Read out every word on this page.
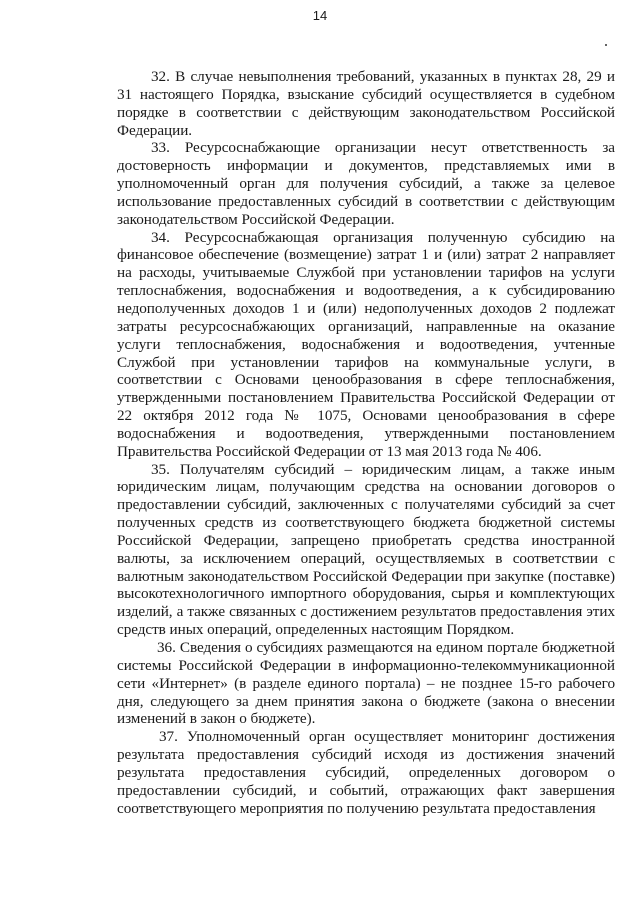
14

32. В случае невыполнения требований, указанных в пунктах 28, 29 и 31 настоящего Порядка, взыскание субсидий осуществляется в судебном порядке в соответствии с действующим законодательством Российской Федерации.

33. Ресурсоснабжающие организации несут ответственность за достоверность информации и документов, представляемых ими в уполномоченный орган для получения субсидий, а также за целевое использование предоставленных субсидий в соответствии с действующим законодательством Российской Федерации.

34. Ресурсоснабжающая организация полученную субсидию на финансовое обеспечение (возмещение) затрат 1 и (или) затрат 2 направляет на расходы, учитываемые Службой при установлении тарифов на услуги теплоснабжения, водоснабжения и водоотведения, а к субсидированию недополученных доходов 1 и (или) недополученных доходов 2 подлежат затраты ресурсоснабжающих организаций, направленные на оказание услуги теплоснабжения, водоснабжения и водоотведения, учтенные Службой при установлении тарифов на коммунальные услуги, в соответствии с Основами ценообразования в сфере теплоснабжения, утвержденными постановлением Правительства Российской Федерации от 22 октября 2012 года № 1075, Основами ценообразования в сфере водоснабжения и водоотведения, утвержденными постановлением Правительства Российской Федерации от 13 мая 2013 года № 406.

35. Получателям субсидий – юридическим лицам, а также иным юридическим лицам, получающим средства на основании договоров о предоставлении субсидий, заключенных с получателями субсидий за счет полученных средств из соответствующего бюджета бюджетной системы Российской Федерации, запрещено приобретать средства иностранной валюты, за исключением операций, осуществляемых в соответствии с валютным законодательством Российской Федерации при закупке (поставке) высокотехнологичного импортного оборудования, сырья и комплектующих изделий, а также связанных с достижением результатов предоставления этих средств иных операций, определенных настоящим Порядком.

36. Сведения о субсидиях размещаются на едином портале бюджетной системы Российской Федерации в информационно-телекоммуникационной сети «Интернет» (в разделе единого портала) – не позднее 15-го рабочего дня, следующего за днем принятия закона о бюджете (закона о внесении изменений в закон о бюджете).

37. Уполномоченный орган осуществляет мониторинг достижения результата предоставления субсидий исходя из достижения значений результата предоставления субсидий, определенных договором о предоставлении субсидий, и событий, отражающих факт завершения соответствующего мероприятия по получению результата предоставления
